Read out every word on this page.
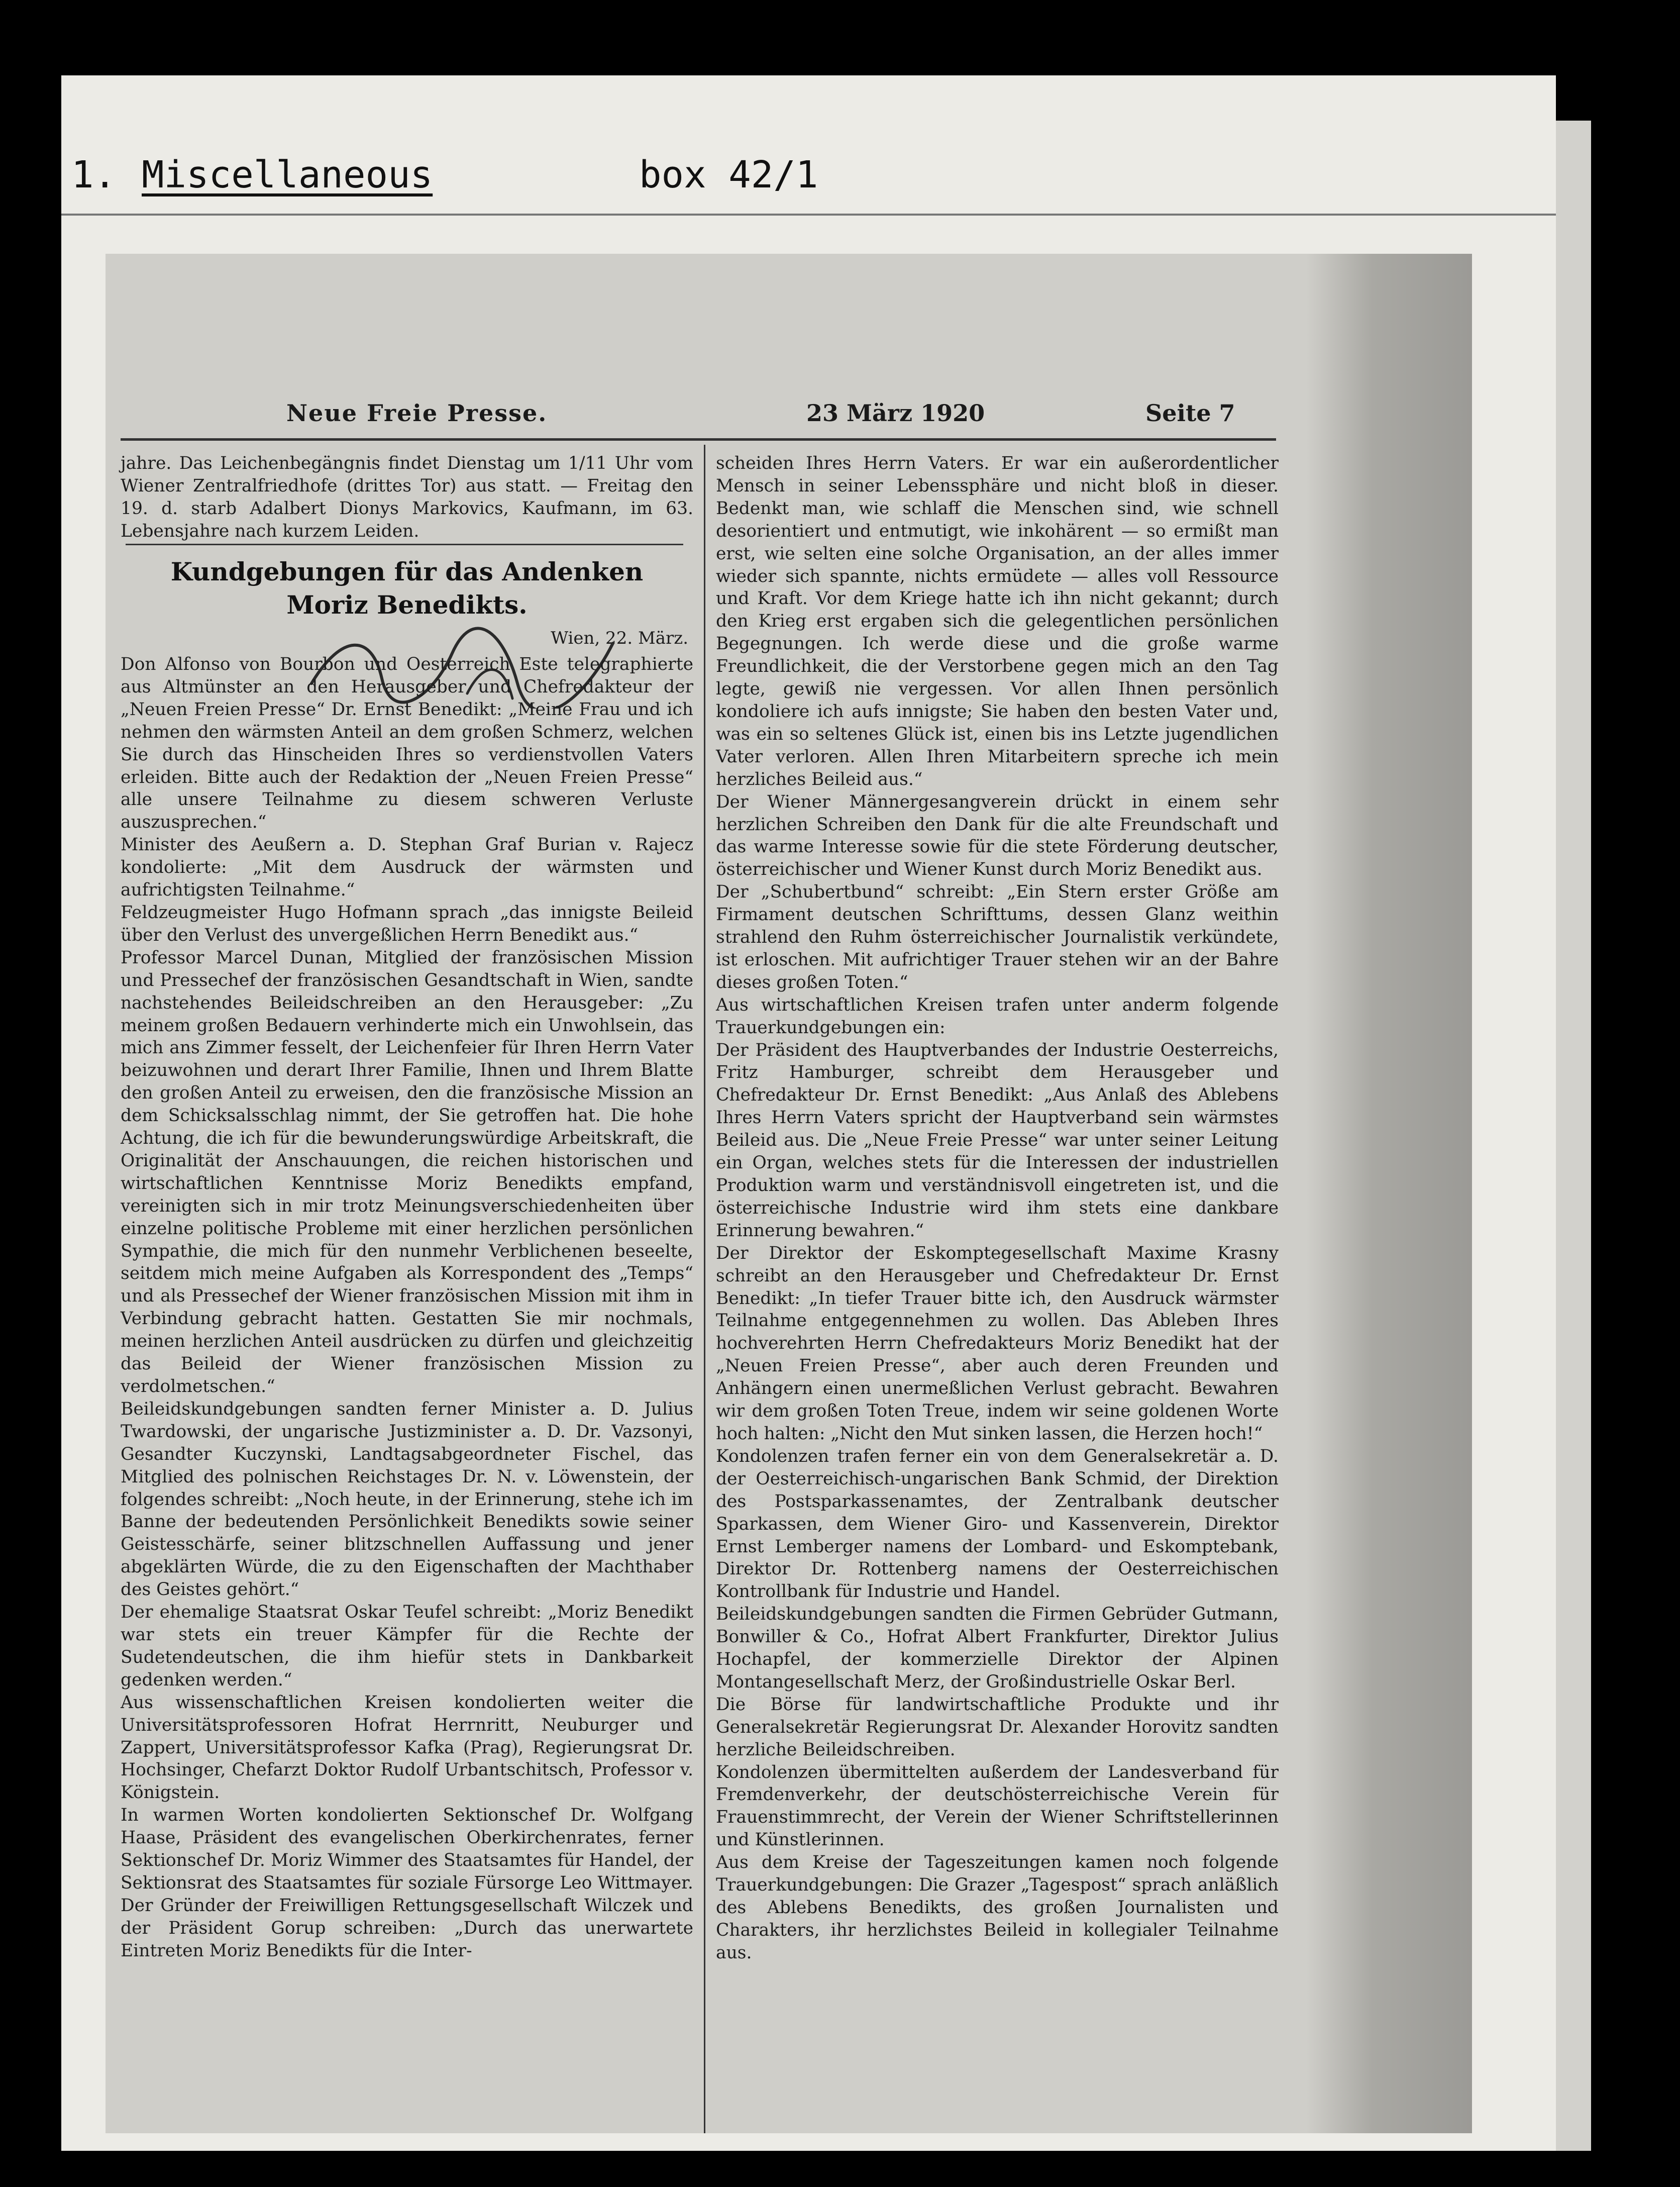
1. Miscellaneous	box 42/1
Neue Freie Presse.	23 März 1920	Seite 7

jahre. Das Leichenbegängnis findet Dienstag um 1/11 Uhr vom Wiener Zentralfriedhofe (drittes Tor) aus statt. — Freitag den 19. d. starb Adalbert Dionys Markovics, Kaufmann, im 63. Lebensjahre nach kurzem Leiden.

Kundgebungen für das Andenken Moriz Benedikts.
Wien, 22. März.

Don Alfonso von Bourbon und Oesterreich Este telegraphierte aus Altmünster an den Herausgeber und Chefredakteur der „Neuen Freien Presse“ Dr. Ernst Benedikt: „Meine Frau und ich nehmen den wärmsten Anteil an dem großen Schmerz, welchen Sie durch das Hinscheiden Ihres so verdienstvollen Vaters erleiden. Bitte auch der Redaktion der „Neuen Freien Presse“ alle unsere Teilnahme zu diesem schweren Verluste auszusprechen.“

Minister des Aeußern a. D. Stephan Graf Burian v. Rajecz kondolierte: „Mit dem Ausdruck der wärmsten und aufrichtigsten Teilnahme.“

Feldzeugmeister Hugo Hofmann sprach „das innigste Beileid über den Verlust des unvergeßlichen Herrn Benedikt aus.“

Professor Marcel Dunan, Mitglied der französischen Mission und Pressechef der französischen Gesandtschaft in Wien, sandte nachstehendes Beileidschreiben an den Herausgeber: „Zu meinem großen Bedauern verhinderte mich ein Unwohlsein, das mich ans Zimmer fesselt, der Leichenfeier für Ihren Herrn Vater beizuwohnen und derart Ihrer Familie, Ihnen und Ihrem Blatte den großen Anteil zu erweisen, den die französische Mission an dem Schicksalsschlag nimmt, der Sie getroffen hat. Die hohe Achtung, die ich für die bewunderungswürdige Arbeitskraft, die Originalität der Anschauungen, die reichen historischen und wirtschaftlichen Kenntnisse Moriz Benedikts empfand, vereinigten sich in mir trotz Meinungsverschiedenheiten über einzelne politische Probleme mit einer herzlichen persönlichen Sympathie, die mich für den nunmehr Verblichenen beseelte, seitdem mich meine Aufgaben als Korrespondent des „Temps“ und als Pressechef der Wiener französischen Mission mit ihm in Verbindung gebracht hatten. Gestatten Sie mir nochmals, meinen herzlichen Anteil ausdrücken zu dürfen und gleichzeitig das Beileid der Wiener französischen Mission zu verdolmetschen.“

Beileidskundgebungen sandten ferner Minister a. D. Julius Twardowski, der ungarische Justizminister a. D. Dr. Vazsonyi, Gesandter Kuczynski, Landtagsabgeordneter Fischel, das Mitglied des polnischen Reichstages Dr. N. v. Löwenstein, der folgendes schreibt: „Noch heute, in der Erinnerung, stehe ich im Banne der bedeutenden Persönlichkeit Benedikts sowie seiner Geistesschärfe, seiner blitzschnellen Auffassung und jener abgeklärten Würde, die zu den Eigenschaften der Machthaber des Geistes gehört.“

Der ehemalige Staatsrat Oskar Teufel schreibt: „Moriz Benedikt war stets ein treuer Kämpfer für die Rechte der Sudetendeutschen, die ihm hiefür stets in Dankbarkeit gedenken werden.“

Aus wissenschaftlichen Kreisen kondolierten weiter die Universitätsprofessoren Hofrat Herrnritt, Neuburger und Zappert, Universitätsprofessor Kafka (Prag), Regierungsrat Dr. Hochsinger, Chefarzt Doktor Rudolf Urbantschitsch, Professor v. Königstein.

In warmen Worten kondolierten Sektionschef Dr. Wolfgang Haase, Präsident des evangelischen Oberkirchenrates, ferner Sektionschef Dr. Moriz Wimmer des Staatsamtes für Handel, der Sektionsrat des Staatsamtes für soziale Fürsorge Leo Wittmayer.

Der Gründer der Freiwilligen Rettungsgesellschaft Wilczek und der Präsident Gorup schreiben: „Durch das unerwartete Eintreten Moriz Benedikts für die Inter-

scheiden Ihres Herrn Vaters. Er war ein außerordentlicher Mensch in seiner Lebenssphäre und nicht bloß in dieser. Bedenkt man, wie schlaff die Menschen sind, wie schnell desorientiert und entmutigt, wie inkohärent — so ermißt man erst, wie selten eine solche Organisation, an der alles immer wieder sich spannte, nichts ermüdete — alles voll Ressource und Kraft. Vor dem Kriege hatte ich ihn nicht gekannt; durch den Krieg erst ergaben sich die gelegentlichen persönlichen Begegnungen. Ich werde diese und die große warme Freundlichkeit, die der Verstorbene gegen mich an den Tag legte, gewiß nie vergessen. Vor allen Ihnen persönlich kondoliere ich aufs innigste; Sie haben den besten Vater und, was ein so seltenes Glück ist, einen bis ins Letzte jugendlichen Vater verloren. Allen Ihren Mitarbeitern spreche ich mein herzliches Beileid aus.“

Der Wiener Männergesangverein drückt in einem sehr herzlichen Schreiben den Dank für die alte Freundschaft und das warme Interesse sowie für die stete Förderung deutscher, österreichischer und Wiener Kunst durch Moriz Benedikt aus.

Der „Schubertbund“ schreibt: „Ein Stern erster Größe am Firmament deutschen Schrifttums, dessen Glanz weithin strahlend den Ruhm österreichischer Journalistik verkündete, ist erloschen. Mit aufrichtiger Trauer stehen wir an der Bahre dieses großen Toten.“

Aus wirtschaftlichen Kreisen trafen unter anderm folgende Trauerkundgebungen ein:

Der Präsident des Hauptverbandes der Industrie Oesterreichs, Fritz Hamburger, schreibt dem Herausgeber und Chefredakteur Dr. Ernst Benedikt: „Aus Anlaß des Ablebens Ihres Herrn Vaters spricht der Hauptverband sein wärmstes Beileid aus. Die „Neue Freie Presse“ war unter seiner Leitung ein Organ, welches stets für die Interessen der industriellen Produktion warm und verständnisvoll eingetreten ist, und die österreichische Industrie wird ihm stets eine dankbare Erinnerung bewahren.“

Der Direktor der Eskomptegesellschaft Maxime Krasny schreibt an den Herausgeber und Chefredakteur Dr. Ernst Benedikt: „In tiefer Trauer bitte ich, den Ausdruck wärmster Teilnahme entgegennehmen zu wollen. Das Ableben Ihres hochverehrten Herrn Chefredakteurs Moriz Benedikt hat der „Neuen Freien Presse“, aber auch deren Freunden und Anhängern einen unermeßlichen Verlust gebracht. Bewahren wir dem großen Toten Treue, indem wir seine goldenen Worte hoch halten: „Nicht den Mut sinken lassen, die Herzen hoch!“

Kondolenzen trafen ferner ein von dem Generalsekretär a. D. der Oesterreichisch-ungarischen Bank Schmid, der Direktion des Postsparkassenamtes, der Zentralbank deutscher Sparkassen, dem Wiener Giro- und Kassenverein, Direktor Ernst Lemberger namens der Lombard- und Eskomptebank, Direktor Dr. Rottenberg namens der Oesterreichischen Kontrollbank für Industrie und Handel.

Beileidskundgebungen sandten die Firmen Gebrüder Gutmann, Bonwiller & Co., Hofrat Albert Frankfurter, Direktor Julius Hochapfel, der kommerzielle Direktor der Alpinen Montangesellschaft Merz, der Großindustrielle Oskar Berl.

Die Börse für landwirtschaftliche Produkte und ihr Generalsekretär Regierungsrat Dr. Alexander Horovitz sandten herzliche Beileidschreiben.

Kondolenzen übermittelten außerdem der Landesverband für Fremdenverkehr, der deutschösterreichische Verein für Frauenstimmrecht, der Verein der Wiener Schriftstellerinnen und Künstlerinnen.

Aus dem Kreise der Tageszeitungen kamen noch folgende Trauerkundgebungen: Die Grazer „Tagespost“ sprach anläßlich des Ablebens Benedikts, des großen Journalisten und Charakters, ihr herzlichstes Beileid in kollegialer Teilnahme aus.
